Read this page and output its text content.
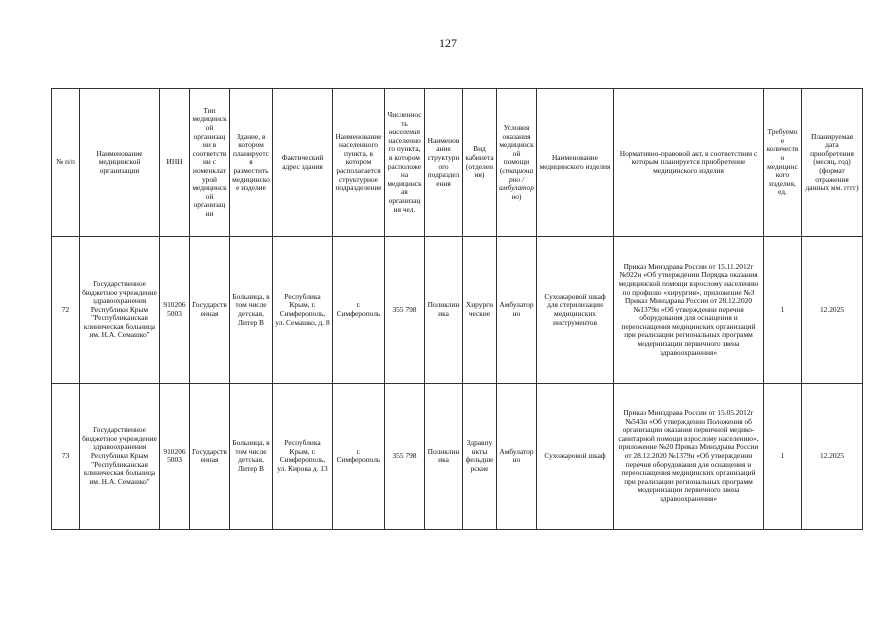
127
№ п/п	Наименование медицинской организации	ИНН	Тип медицинской организации в соответствии с номенклатурой медицинской организации	Здание, в котором планируется разместить медицинское изделие	Фактический адрес здания	Наименование населенного пункта, в котором располагается структурное подразделение	Численность населения населенного пункта, в котором расположена медицинская организация чел.	Наименование структурного подразделения	Вид кабинета (отделения)	Условия оказания медицинской помощи (стационарно / амбулаторно)	Наименование медицинского изделия	Нормативно-правовой акт, в соответствии с которым планируется приобретение медицинского изделия	Требуемое количество медицинского изделия, ед.	Планируемая дата приобретения (месяц, год) (формат отражения данных мм. гггг)
72	Государственное бюджетное учреждение здравоохранения Республики Крым "Республиканская клиническая больница им. Н.А. Семашко"	9102065003	Государственная	Больница, в том числе детская, Литер В	Республика Крым, г. Симферополь, ул. Семашко, д. 8	г. Симферополь	355 798	Поликлиника	Хирургические	Амбулаторно	Сухожаровой шкаф для стерилизации медицинских инструментов	Приказ Минздрава России от 15.11.2012г №922н «Об утверждении Порядка оказания медицинской помощи взрослому населению по профилю «хирургия», приложение №3 Приказ Минздрава России от 28.12.2020 №1379н «Об утверждении перечня оборудования для оснащения и переоснащения медицинских организаций при реализации региональных программ модернизации первичного звена здравоохранения»	1	12.2025
73	Государственное бюджетное учреждение здравоохранения Республики Крым "Республиканская клиническая больница им. Н.А. Семашко"	9102065003	Государственная	Больница, в том числе детская, Литер В	Республика Крым, г. Симферополь, ул. Кирова д. 13	г. Симферополь	355 798	Поликлиника	Здравпункты фельдшерские	Амбулаторно	Сухожаровой шкаф	Приказ Минздрава России от 15.05.2012г №543н «Об утверждении Положения об организации оказания первичной медико-санитарной помощи взрослому населению», приложение №20 Приказ Минздрава России от 28.12.2020 №1379н «Об утверждении перечня оборудования для оснащения и переоснащения медицинских организаций при реализации региональных программ модернизации первичного звена здравоохранения»	1	12.2025
